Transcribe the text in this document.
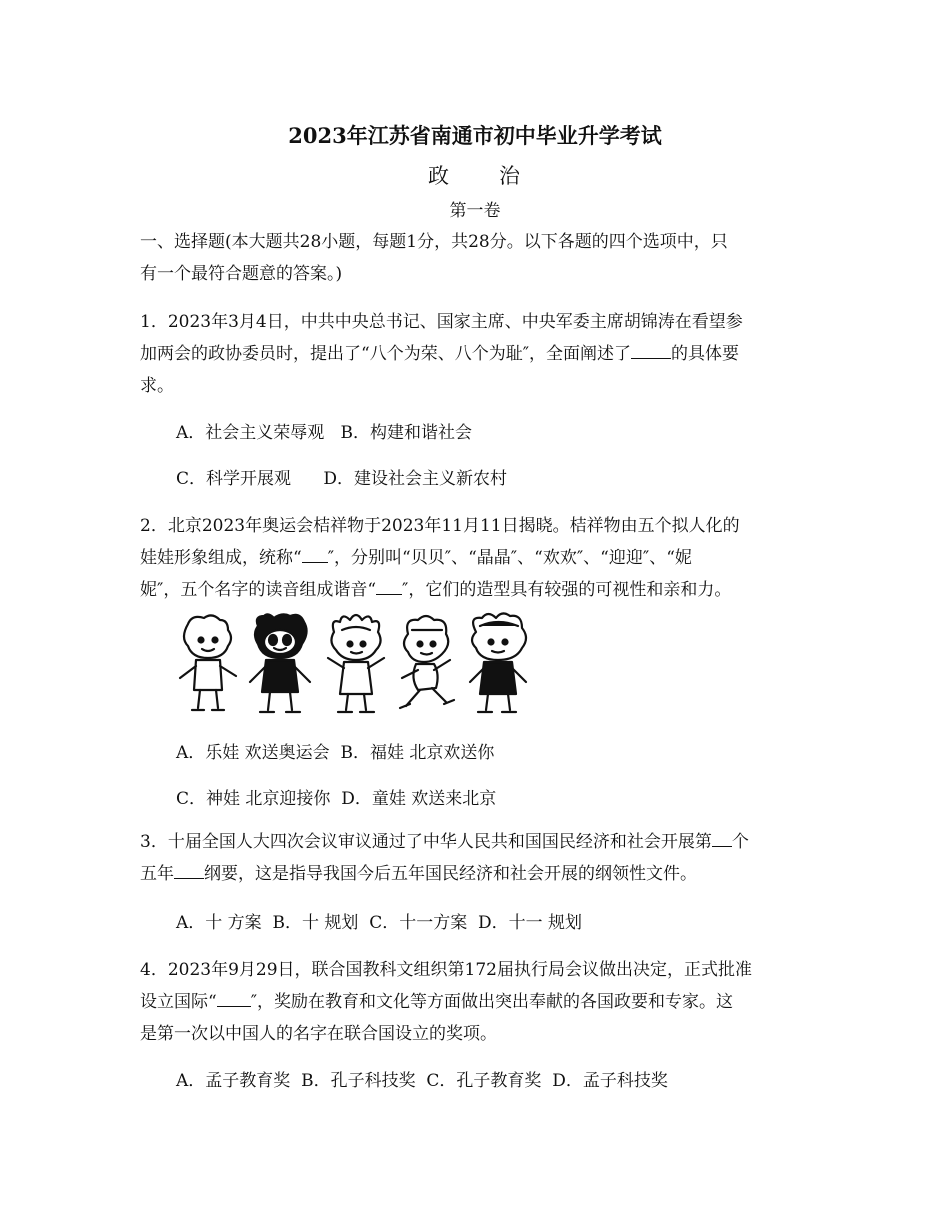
2023年江苏省南通市初中毕业升学考试
政 治
第一卷
一、选择题(本大题共28小题，每题1分，共28分。以下各题的四个选项中，只
有一个最符合题意的答案。)
1．2023年3月4日，中共中央总书记、国家主席、中央军委主席胡锦涛在看望参
加两会的政协委员时，提出了“八个为荣、八个为耻″，全面阐述了 的具体要
求。
A．社会主义荣辱观   B．构建和谐社会
C．科学开展观      D．建设社会主义新农村
2．北京2023年奥运会桔祥物于2023年11月11日揭晓。桔祥物由五个拟人化的
娃娃形象组成，统称“ ″，分别叫“贝贝″、“晶晶″、“欢欢″、“迎迎″、“妮
妮″，五个名字的读音组成谐音“ ″，它们的造型具有较强的可视性和亲和力。
A．乐娃 欢送奥运会  B．福娃 北京欢送你
C．神娃 北京迎接你  D．童娃 欢送来北京
3．十届全国人大四次会议审议通过了中华人民共和国国民经济和社会开展第 个
五年 纲要，这是指导我国今后五年国民经济和社会开展的纲领性文件。
A．十 方案  B．十 规划  C．十一方案  D．十一 规划
4．2023年9月29日，联合国教科文组织第172届执行局会议做出决定，正式批准
设立国际“ ″，奖励在教育和文化等方面做出突出奉献的各国政要和专家。这
是第一次以中国人的名字在联合国设立的奖项。
A．孟子教育奖  B．孔子科技奖  C．孔子教育奖  D．孟子科技奖
